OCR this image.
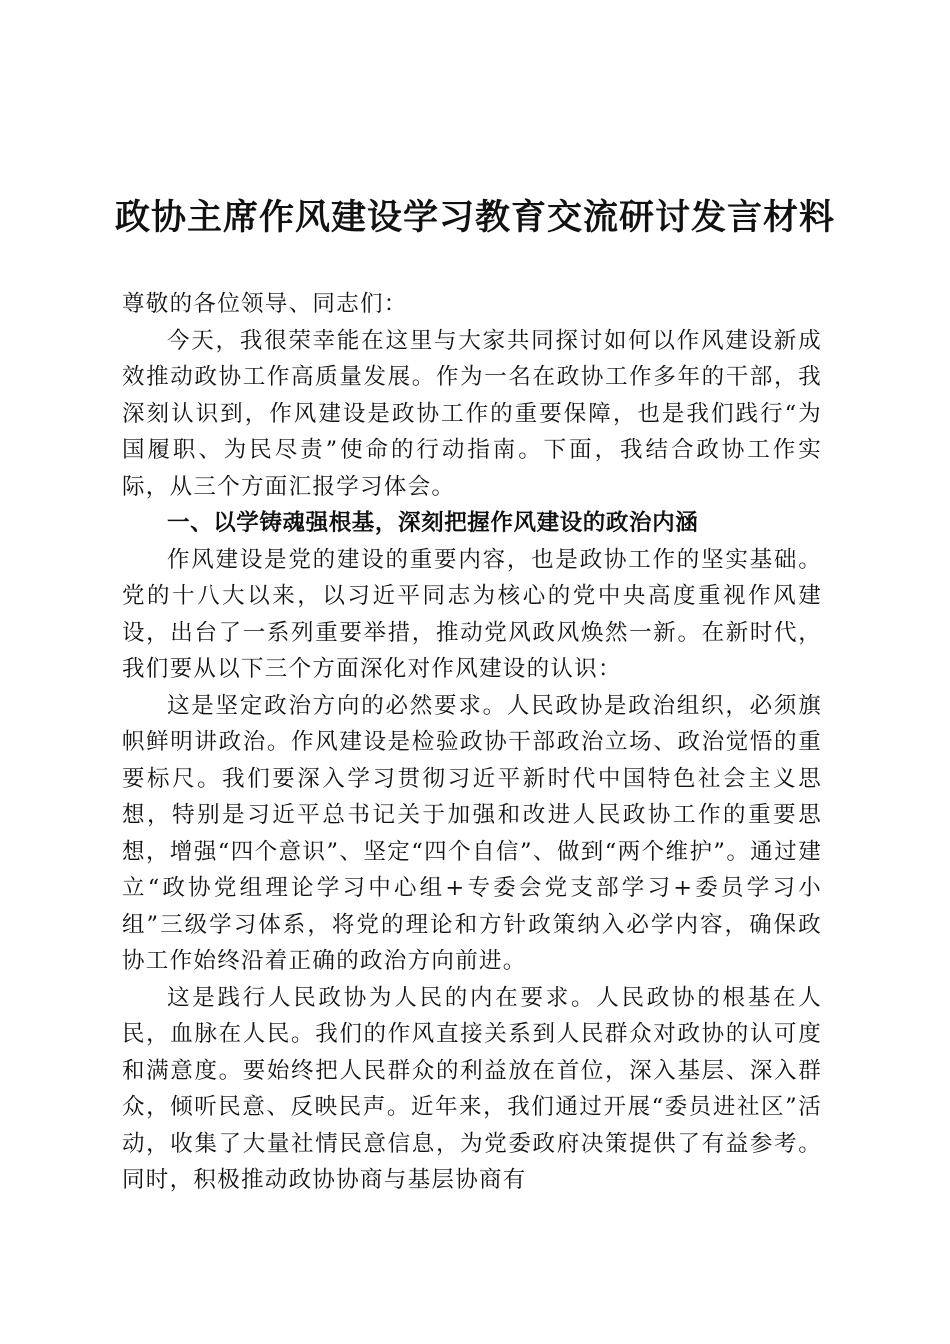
政协主席作风建设学习教育交流研讨发言材料

尊敬的各位领导、同志们：

今天，我很荣幸能在这里与大家共同探讨如何以作风建设新成效推动政协工作高质量发展。作为一名在政协工作多年的干部，我深刻认识到，作风建设是政协工作的重要保障，也是我们践行“为国履职、为民尽责”使命的行动指南。下面，我结合政协工作实际，从三个方面汇报学习体会。

一、以学铸魂强根基，深刻把握作风建设的政治内涵

作风建设是党的建设的重要内容，也是政协工作的坚实基础。党的十八大以来，以习近平同志为核心的党中央高度重视作风建设，出台了一系列重要举措，推动党风政风焕然一新。在新时代，我们要从以下三个方面深化对作风建设的认识：

这是坚定政治方向的必然要求。人民政协是政治组织，必须旗帜鲜明讲政治。作风建设是检验政协干部政治立场、政治觉悟的重要标尺。我们要深入学习贯彻习近平新时代中国特色社会主义思想，特别是习近平总书记关于加强和改进人民政协工作的重要思想，增强“四个意识”、坚定“四个自信”、做到“两个维护”。通过建立“政协党组理论学习中心组+专委会党支部学习+委员学习小组”三级学习体系，将党的理论和方针政策纳入必学内容，确保政协工作始终沿着正确的政治方向前进。

这是践行人民政协为人民的内在要求。人民政协的根基在人民，血脉在人民。我们的作风直接关系到人民群众对政协的认可度和满意度。要始终把人民群众的利益放在首位，深入基层、深入群众，倾听民意、反映民声。近年来，我们通过开展“委员进社区”活动，收集了大量社情民意信息，为党委政府决策提供了有益参考。同时，积极推动政协协商与基层协商有
